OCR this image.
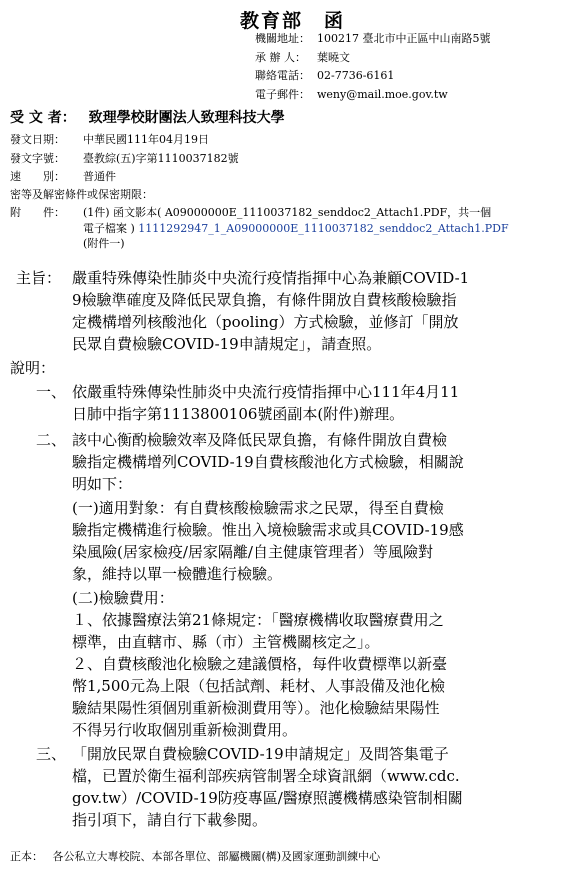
教育部　函
機關地址： 100217 臺北市中正區中山南路5號
承 辦 人： 葉曉文
聯絡電話： 02-7736-6161
電子郵件： weny@mail.moe.gov.tw
受 文 者： 致理學校財團法人致理科技大學
發文日期： 中華民國111年04月19日
發文字號： 臺教綜(五)字第1110037182號
速　　別： 普通件
密等及解密條件或保密期限：
附　　件： (1件) 函文影本( A09000000E_1110037182_senddoc2_Attach1.PDF，共一個
電子檔案 ) 1111292947_1_A09000000E_1110037182_senddoc2_Attach1.PDF
(附件一)
主旨： 嚴重特殊傳染性肺炎中央流行疫情指揮中心為兼顧COVID-1
9檢驗準確度及降低民眾負擔，有條件開放自費核酸檢驗指
定機構增列核酸池化（pooling）方式檢驗，並修訂「開放
民眾自費檢驗COVID-19申請規定」，請查照。
說明：
一、 依嚴重特殊傳染性肺炎中央流行疫情指揮中心111年4月11
日肺中指字第1113800106號函副本(附件)辦理。
二、 該中心衡酌檢驗效率及降低民眾負擔，有條件開放自費檢
驗指定機構增列COVID-19自費核酸池化方式檢驗，相關說
明如下：
(一)適用對象：有自費核酸檢驗需求之民眾，得至自費檢
驗指定機構進行檢驗。惟出入境檢驗需求或具COVID-19感
染風險(居家檢疫/居家隔離/自主健康管理者）等風險對
象，維持以單一檢體進行檢驗。
(二)檢驗費用：
１、依據醫療法第21條規定：「醫療機構收取醫療費用之
標準，由直轄市、縣（市）主管機關核定之」。
２、自費核酸池化檢驗之建議價格，每件收費標準以新臺
幣1,500元為上限（包括試劑、耗材、人事設備及池化檢
驗結果陽性須個別重新檢測費用等）。池化檢驗結果陽性
不得另行收取個別重新檢測費用。
三、 「開放民眾自費檢驗COVID-19申請規定」及問答集電子
檔，已置於衛生福利部疾病管制署全球資訊網（www.cdc.
gov.tw）/COVID-19防疫專區/醫療照護機構感染管制相關
指引項下，請自行下載參閱。
正本： 各公私立大專校院、本部各單位、部屬機關(構)及國家運動訓練中心
